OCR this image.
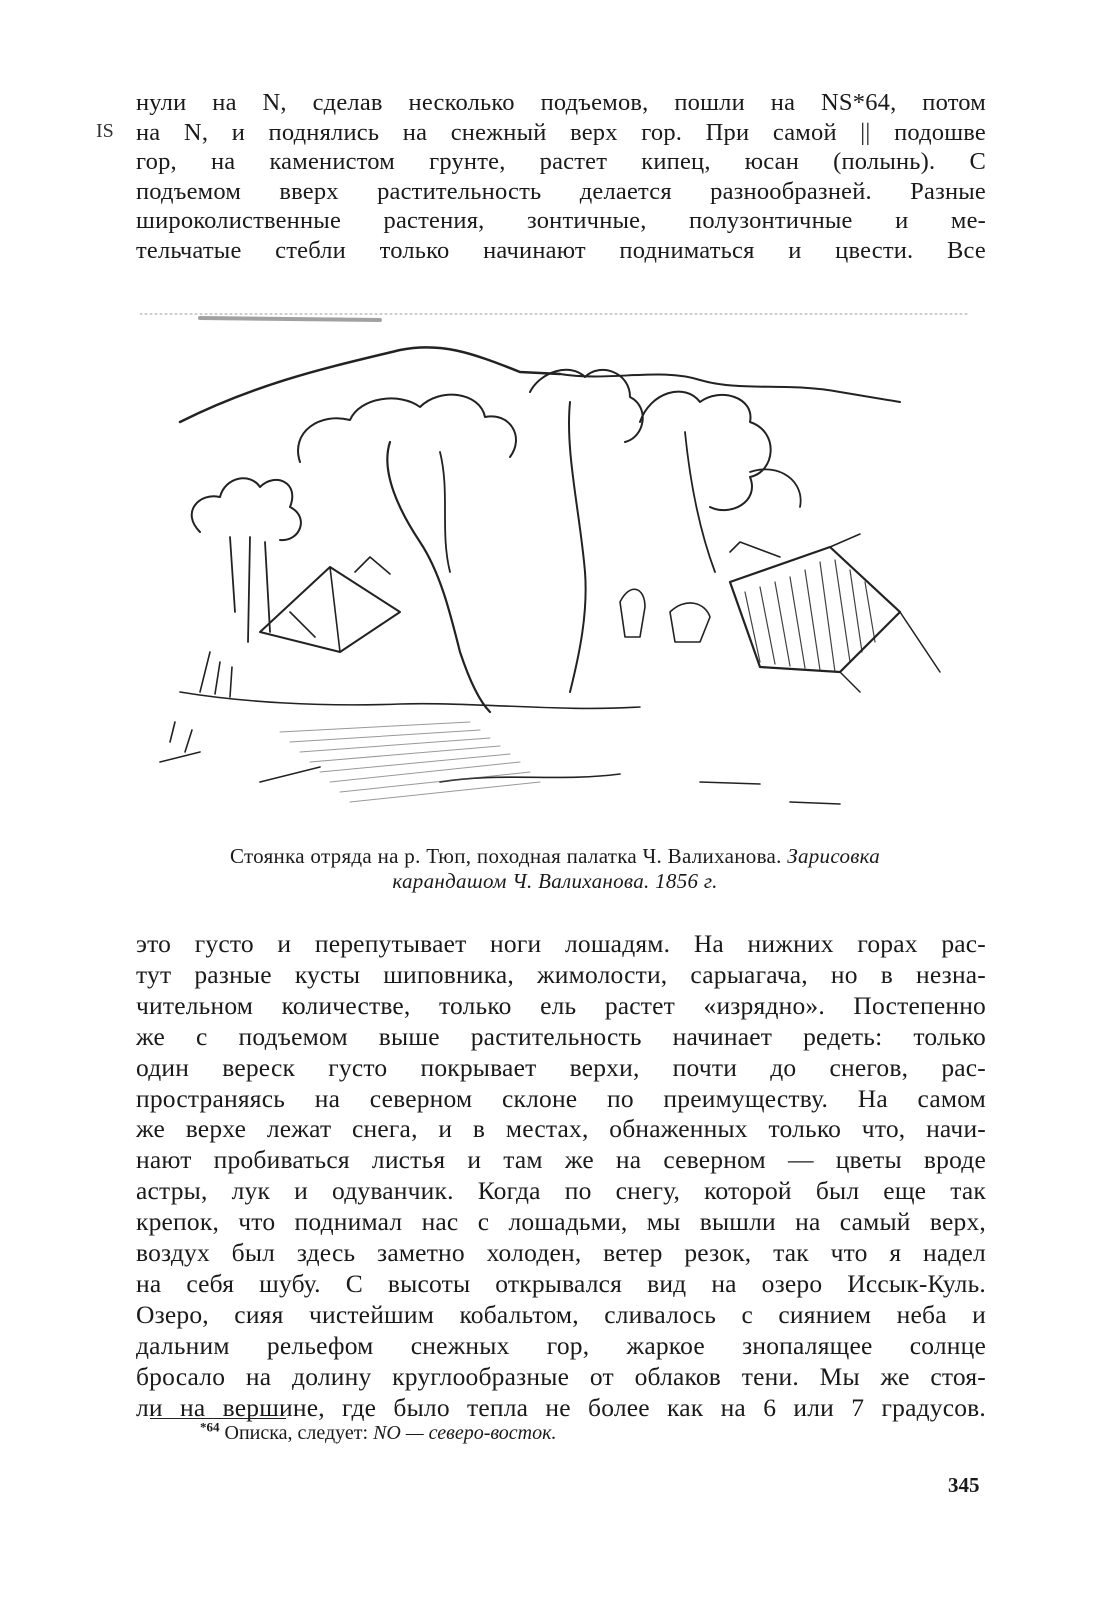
IS
нули на N, сделав несколько подъемов, пошли на NS*64, потом
на N, и поднялись на снежный верх гор. При самой || подошве
гор, на каменистом грунте, растет кипец, юсан (полынь). С
подъемом вверх растительность делается разнообразней. Разные
широколиственные растения, зонтичные, полузонтичные и ме-
тельчатые стебли только начинают подниматься и цвести. Все
Стоянка отряда на р. Тюп, походная палатка Ч. Валиханова. Зарисовка
карандашом Ч. Валиханова. 1856 г.
это густо и перепутывает ноги лошадям. На нижних горах рас-
тут разные кусты шиповника, жимолости, сарыагача, но в незна-
чительном количестве, только ель растет «изрядно». Постепенно
же с подъемом выше растительность начинает редеть: только
один вереск густо покрывает верхи, почти до снегов, рас-
пространяясь на северном склоне по преимуществу. На самом
же верхе лежат снега, и в местах, обнаженных только что, начи-
нают пробиваться листья и там же на северном — цветы вроде
астры, лук и одуванчик. Когда по снегу, которой был еще так
крепок, что поднимал нас с лошадьми, мы вышли на самый верх,
воздух был здесь заметно холоден, ветер резок, так что я надел
на себя шубу. С высоты открывался вид на озеро Иссык-Куль.
Озеро, сияя чистейшим кобальтом, сливалось с сиянием неба и
дальним рельефом снежных гор, жаркое знопалящее солнце
бросало на долину круглообразные от облаков тени. Мы же стоя-
ли на вершине, где было тепла не более как на 6 или 7 градусов.
$^{*64}$ Описка, следует: NO — северо-восток.
345
